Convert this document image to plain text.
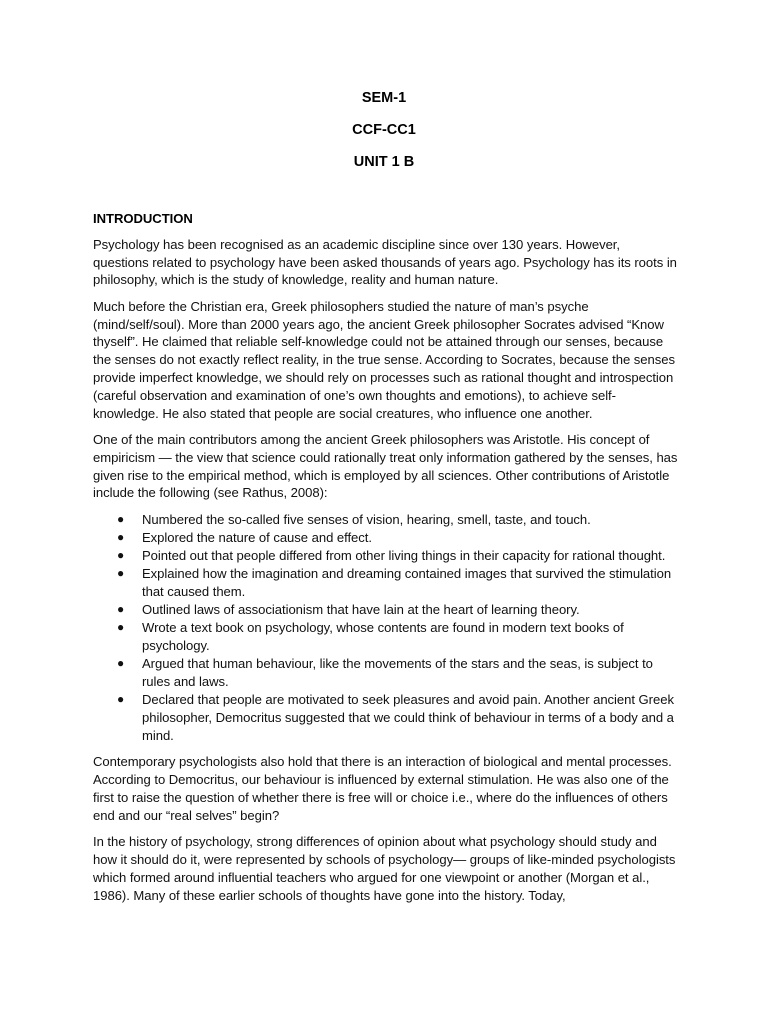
SEM-1
CCF-CC1
UNIT 1 B
INTRODUCTION

Psychology has been recognised as an academic discipline since over 130 years. However, questions related to psychology have been asked thousands of years ago. Psychology has its roots in philosophy, which is the study of knowledge, reality and human nature.

Much before the Christian era, Greek philosophers studied the nature of man’s psyche (mind/self/soul). More than 2000 years ago, the ancient Greek philosopher Socrates advised “Know thyself”. He claimed that reliable self-knowledge could not be attained through our senses, because the senses do not exactly reflect reality, in the true sense. According to Socrates, because the senses provide imperfect knowledge, we should rely on processes such as rational thought and introspection (careful observation and examination of one’s own thoughts and emotions), to achieve self-knowledge. He also stated that people are social creatures, who influence one another.

One of the main contributors among the ancient Greek philosophers was Aristotle. His concept of empiricism — the view that science could rationally treat only information gathered by the senses, has given rise to the empirical method, which is employed by all sciences. Other contributions of Aristotle include the following (see Rathus, 2008):

● Numbered the so-called five senses of vision, hearing, smell, taste, and touch.
● Explored the nature of cause and effect.
● Pointed out that people differed from other living things in their capacity for rational thought.
● Explained how the imagination and dreaming contained images that survived the stimulation that caused them.
● Outlined laws of associationism that have lain at the heart of learning theory.
● Wrote a text book on psychology, whose contents are found in modern text books of psychology.
● Argued that human behaviour, like the movements of the stars and the seas, is subject to rules and laws.
● Declared that people are motivated to seek pleasures and avoid pain. Another ancient Greek philosopher, Democritus suggested that we could think of behaviour in terms of a body and a mind.

Contemporary psychologists also hold that there is an interaction of biological and mental processes. According to Democritus, our behaviour is influenced by external stimulation. He was also one of the first to raise the question of whether there is free will or choice i.e., where do the influences of others end and our “real selves” begin?

In the history of psychology, strong differences of opinion about what psychology should study and how it should do it, were represented by schools of psychology— groups of like-minded psychologists which formed around influential teachers who argued for one viewpoint or another (Morgan et al., 1986). Many of these earlier schools of thoughts have gone into the history. Today,
